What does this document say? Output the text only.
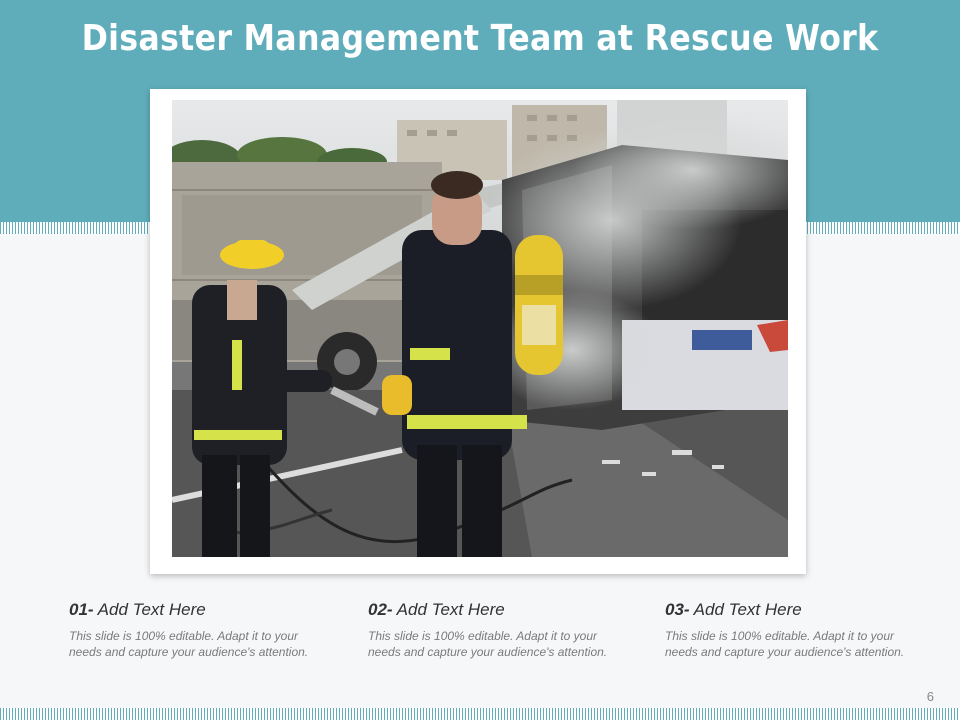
Disaster Management Team at Rescue Work
01- Add Text Here
This slide is 100% editable. Adapt it to your needs and capture your audience's attention.
02- Add Text Here
This slide is 100% editable. Adapt it to your needs and capture your audience's attention.
03- Add Text Here
This slide is 100% editable. Adapt it to your needs and capture your audience's attention.
6
